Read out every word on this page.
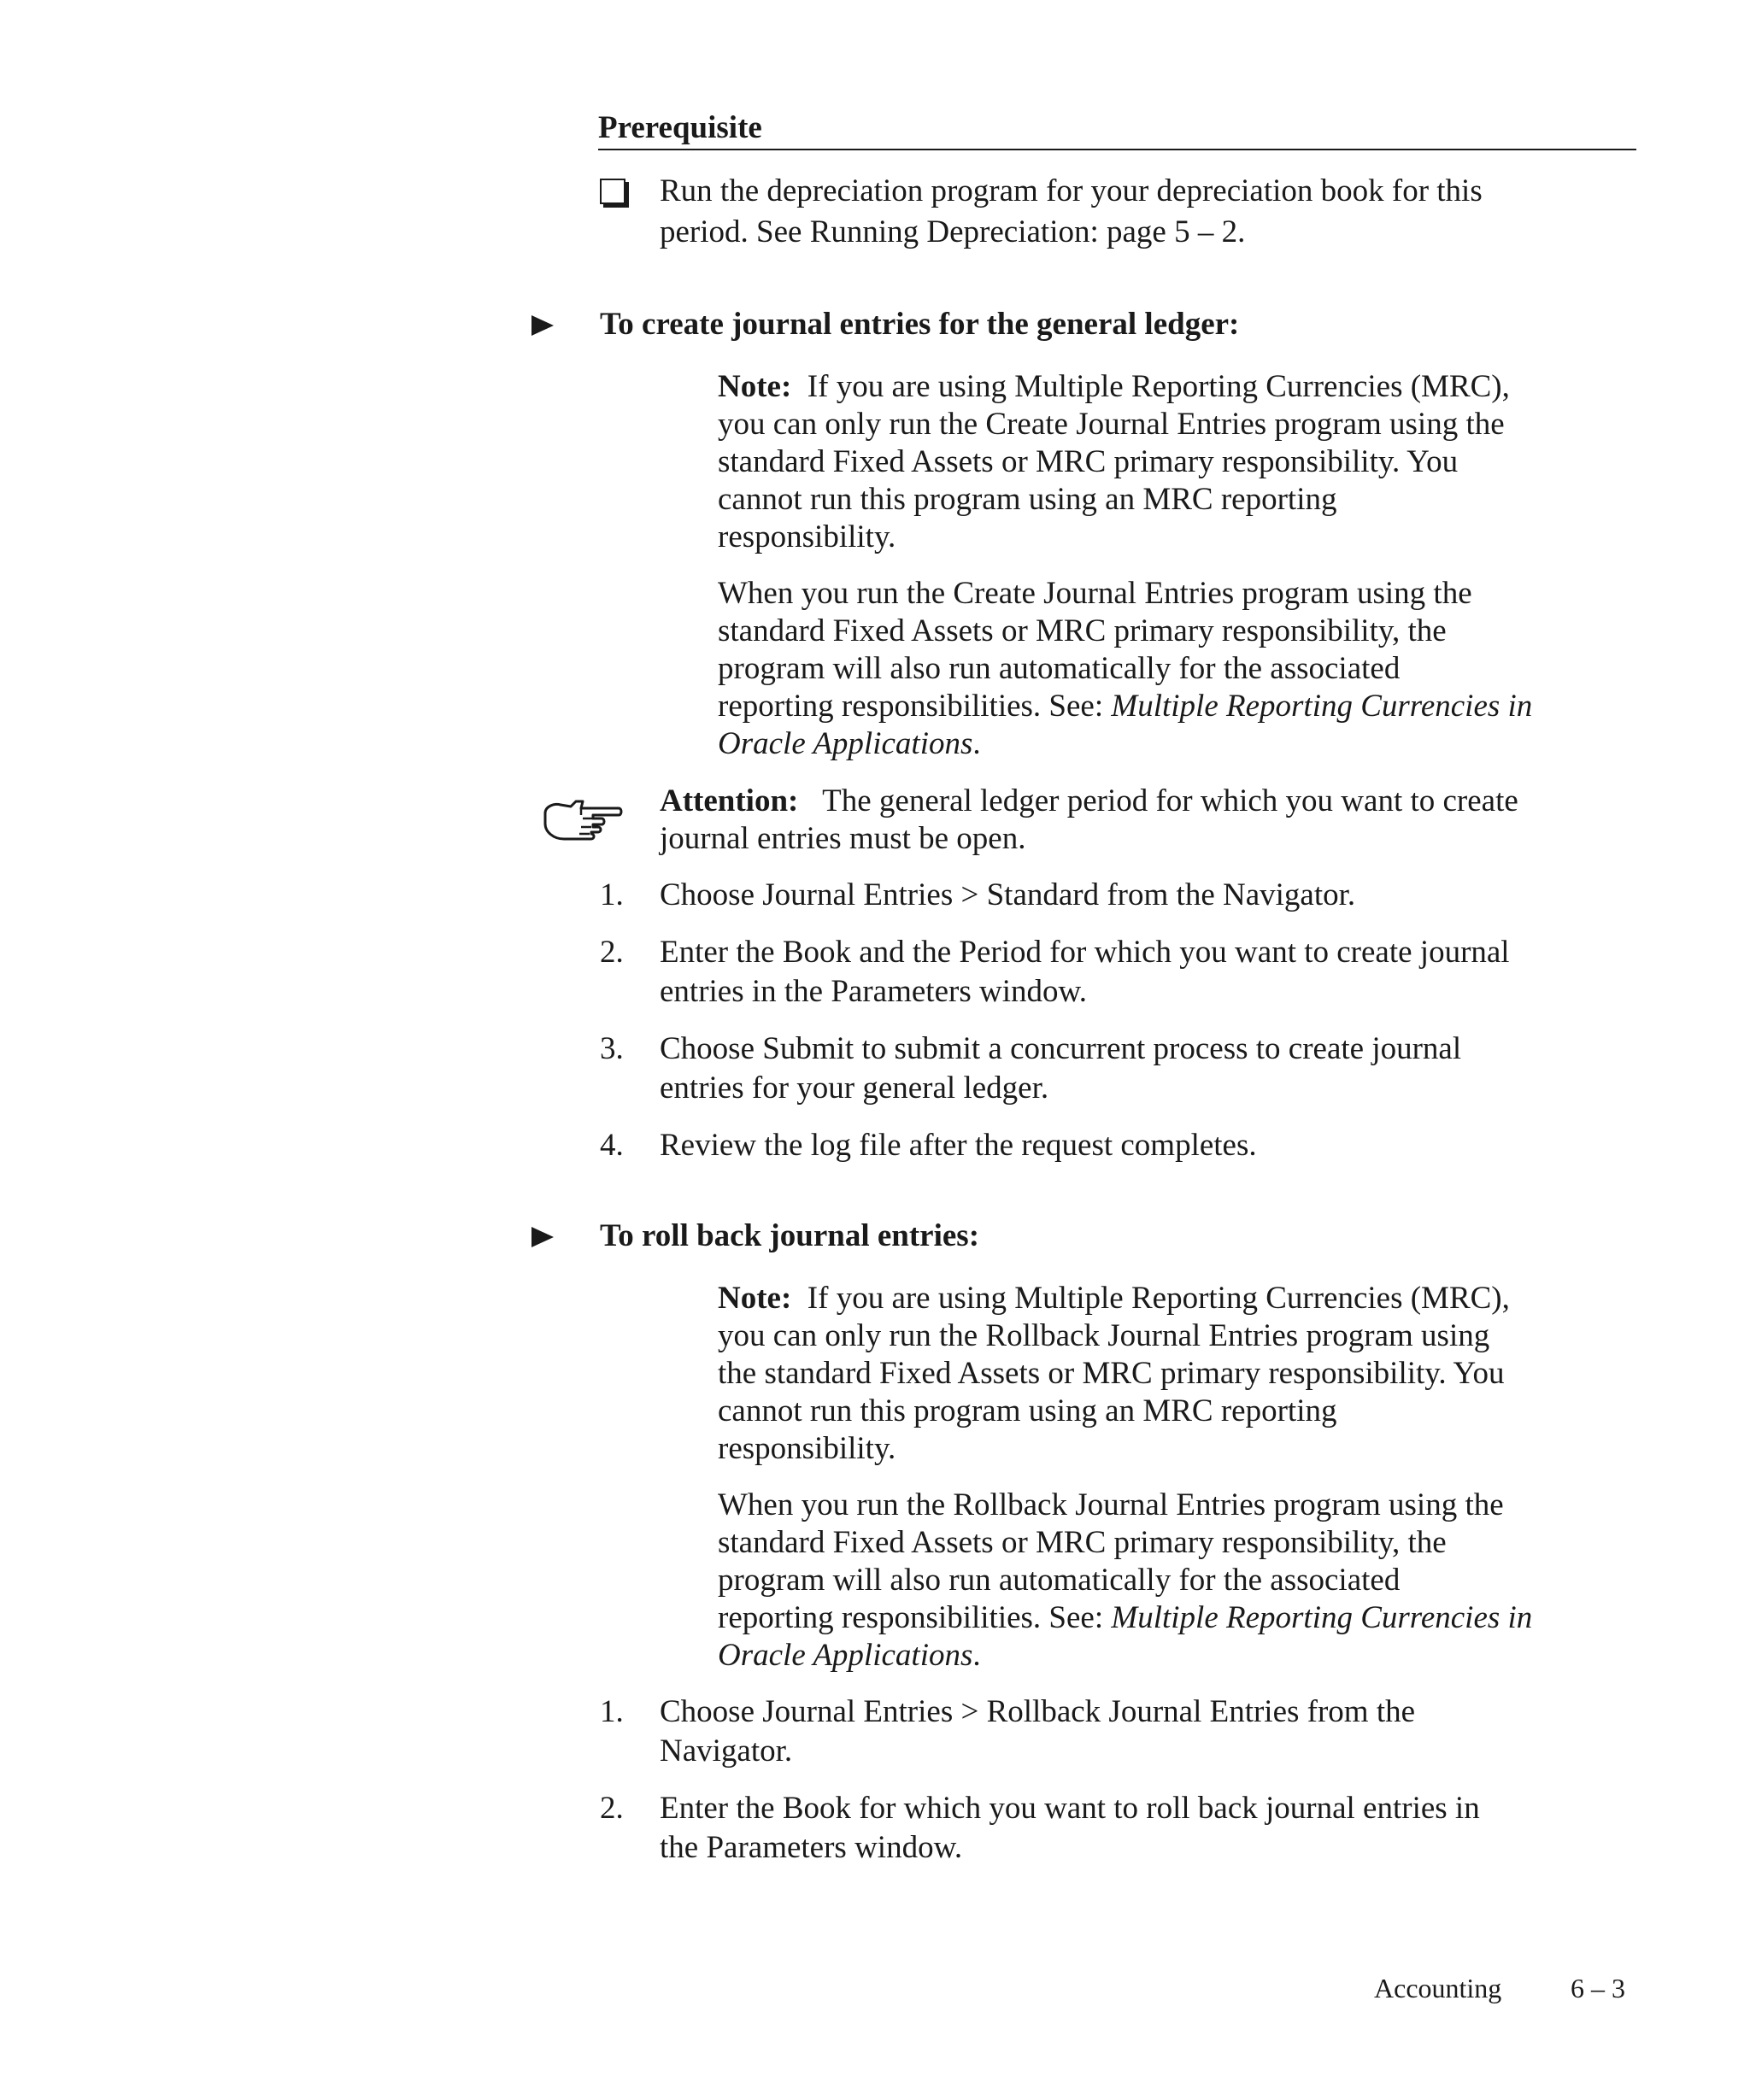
Prerequisite

Run the depreciation program for your depreciation book for this

period. See Running Depreciation: page 5 – 2.

To create journal entries for the general ledger:

Note: If you are using Multiple Reporting Currencies (MRC),

you can only run the Create Journal Entries program using the

standard Fixed Assets or MRC primary responsibility. You

cannot run this program using an MRC reporting

responsibility.

When you run the Create Journal Entries program using the

standard Fixed Assets or MRC primary responsibility, the

program will also run automatically for the associated

reporting responsibilities. See: Multiple Reporting Currencies in

Oracle Applications.

Attention: The general ledger period for which you want to create

journal entries must be open.

1.	Choose Journal Entries > Standard from the Navigator.

2.	Enter the Book and the Period for which you want to create journal

entries in the Parameters window.

3.	Choose Submit to submit a concurrent process to create journal

entries for your general ledger.

4.	Review the log file after the request completes.

To roll back journal entries:

Note: If you are using Multiple Reporting Currencies (MRC),

you can only run the Rollback Journal Entries program using

the standard Fixed Assets or MRC primary responsibility. You

cannot run this program using an MRC reporting

responsibility.

When you run the Rollback Journal Entries program using the

standard Fixed Assets or MRC primary responsibility, the

program will also run automatically for the associated

reporting responsibilities. See: Multiple Reporting Currencies in

Oracle Applications.

1.	Choose Journal Entries > Rollback Journal Entries from the

Navigator.

2.	Enter the Book for which you want to roll back journal entries in

the Parameters window.

Accounting	6 – 3
